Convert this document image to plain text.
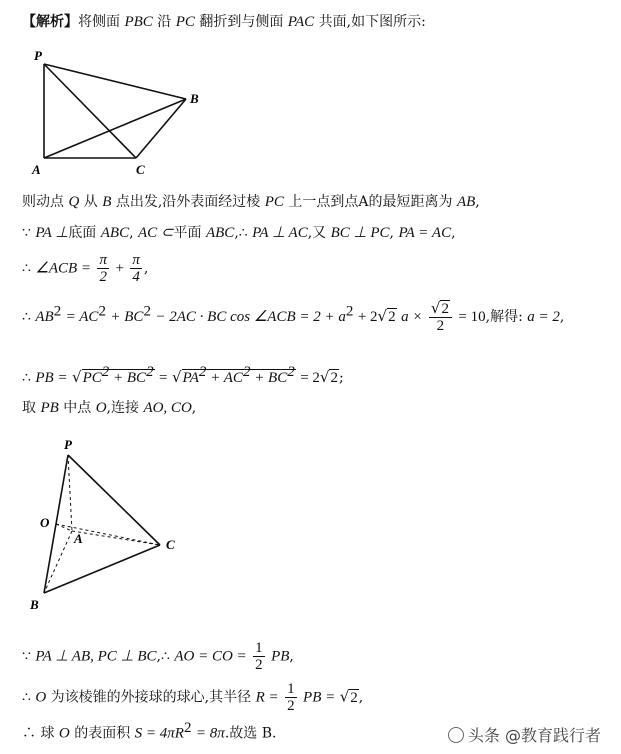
【解析】将侧面 PBC 沿 PC 翻折到与侧面 PAC 共面,如下图所示:
P
B
A	C
则动点 Q 从 B 点出发,沿外表面经过棱 PC 上一点到点A的最短距离为 AB,
∵ PA ⊥底面 ABC, AC ⊂平面 ABC,∴ PA ⊥ AC,又 BC ⊥ PC, PA = AC,
∴ ∠ACB = $\frac{\pi}{2} + \frac{\pi}{4}$ ,
∴ $AB^2 = AC^2 + BC^2 - 2AC$ · BC cos ∠ACB = $2 + a^2 + 2√2$ $a \times \frac{√2}{2} = 10$,解得: a = 2,
∴ PB = $√PC^2 + BC^2 = √PA^2 + AC^2 + BC^2 = 2√2$;
取 PB 中点 O,连接 AO, CO,
P
O
A	C
B
∵ PA ⊥ AB, PC ⊥ BC,∴ AO = CO = $\frac{1}{2}$ PB,
∴ O 为该棱锥的外接球的球心,其半径 $R = \frac{1}{2}$ PB = √2,
∴ 球 O 的表面积 $S = 4\pi R^2 = 8\pi$.故选 B.	头条 @教育践行者
